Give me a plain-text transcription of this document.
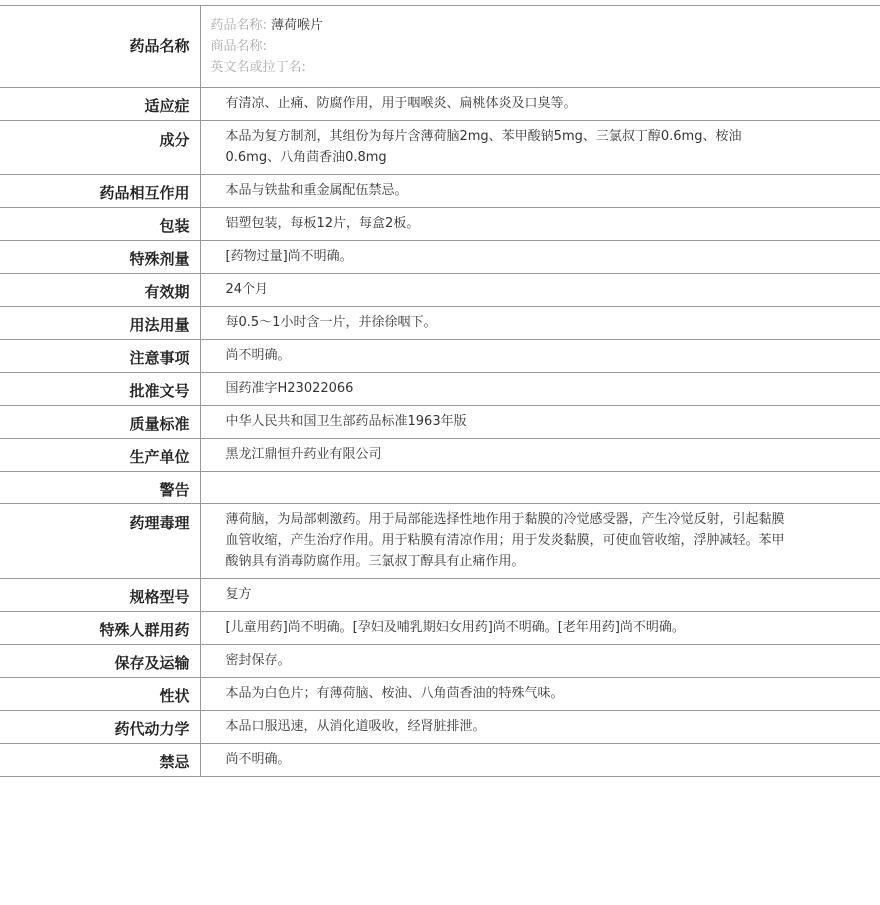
药品名称	药品名称: 薄荷喉片
商品名称:
英文名或拉丁名:

适应症	有清凉、止痛、防腐作用，用于咽喉炎、扁桃体炎及口臭等。
成分	本品为复方制剂，其组份为每片含薄荷脑2mg、苯甲酸钠5mg、三氯叔丁醇0.6mg、桉油0.6mg、八角茴香油0.8mg
药品相互作用	本品与铁盐和重金属配伍禁忌。
包装	铝塑包装，每板12片，每盒2板。
特殊剂量	[药物过量]尚不明确。
有效期	24个月
用法用量	每0.5～1小时含一片，并徐徐咽下。
注意事项	尚不明确。
批准文号	国药准字H23022066
质量标准	中华人民共和国卫生部药品标准1963年版
生产单位	黑龙江鼎恒升药业有限公司
警告	
药理毒理	薄荷脑，为局部刺激药。用于局部能选择性地作用于黏膜的冷觉感受器，产生冷觉反射，引起黏膜血管收缩，产生治疗作用。用于粘膜有清凉作用；用于发炎黏膜，可使血管收缩，浮肿减轻。苯甲酸钠具有消毒防腐作用。三氯叔丁醇具有止痛作用。
规格型号	复方
特殊人群用药	[儿童用药]尚不明确。[孕妇及哺乳期妇女用药]尚不明确。[老年用药]尚不明确。
保存及运输	密封保存。
性状	本品为白色片；有薄荷脑、桉油、八角茴香油的特殊气味。
药代动力学	本品口服迅速，从消化道吸收，经肾脏排泄。
禁忌	尚不明确。
